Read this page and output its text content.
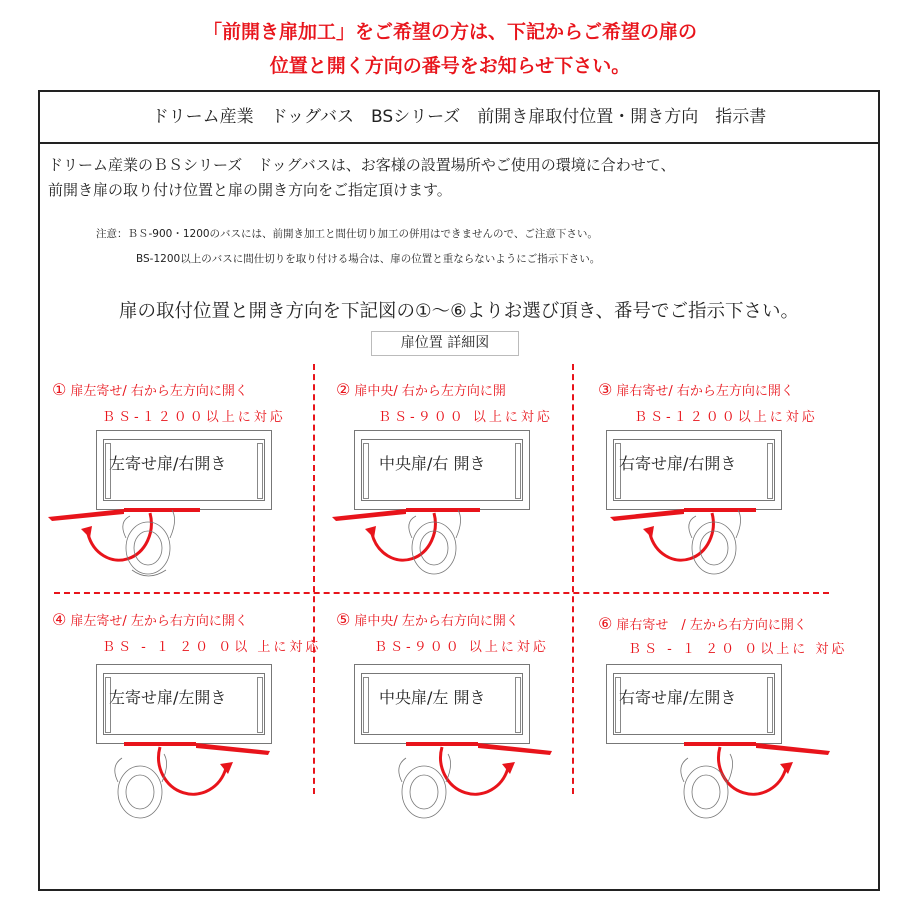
「前開き扉加工」をご希望の方は、下記からご希望の扉の
位置と開く方向の番号をお知らせ下さい。
ドリーム産業　ドッグバス　BSシリーズ　前開き扉取付位置・開き方向　指示書
ドリーム産業のＢＳシリーズ　ドッグバスは、お客様の設置場所やご使用の環境に合わせて、
前開き扉の取り付け位置と扉の開き方向をご指定頂けます。
注意：ＢＳ-900・1200のバスには、前開き加工と間仕切り加工の併用はできませんので、ご注意下さい。
BS-1200以上のバスに間仕切りを取り付ける場合は、扉の位置と重ならないようにご指示下さい。
扉の取付位置と開き方向を下記図の①～⑥よりお選び頂き、番号でご指示下さい。
扉位置 詳細図
① 扉左寄せ/ 右から左方向に開く
ＢＳ-１２００以上に対応
左寄せ扉/右開き
② 扉中央/ 右から左方向に開
ＢＳ-９００ 以上に対応
中央扉/右 開き
③ 扉右寄せ/ 右から左方向に開く
ＢＳ-１２００以上に対応
右寄せ扉/右開き
④ 扉左寄せ/ 左から右方向に開く
ＢＳ - １ ２０ ０以 上に対応
左寄せ扉/左開き
⑤ 扉中央/ 左から右方向に開く
ＢＳ-９００ 以上に対応
中央扉/左 開き
⑥ 扉右寄せ　/ 左から右方向に開く
ＢＳ - １ ２０ ０以上に 対応
右寄せ扉/左開き
